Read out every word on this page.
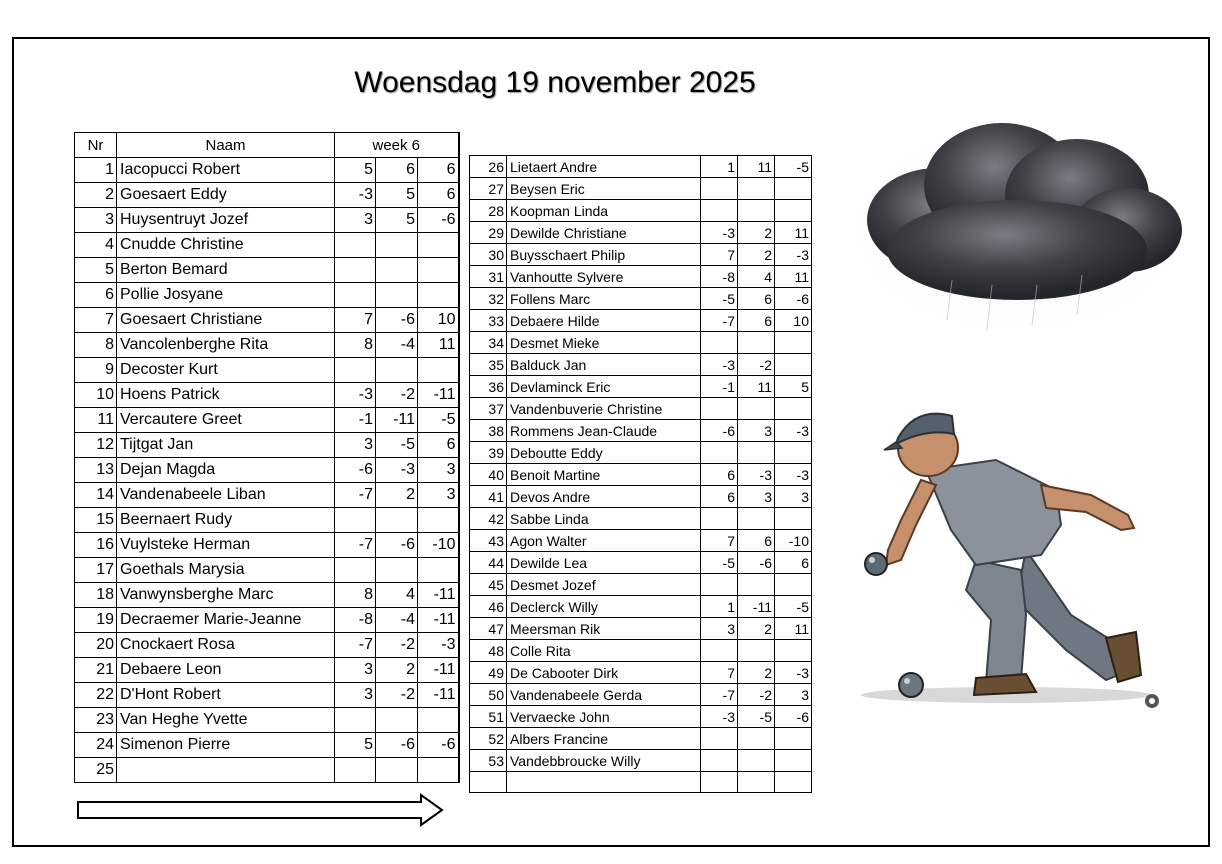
Woensdag 19 november 2025
Nr	Naam	week 6		
1	Iacopucci Robert	5	6	6
2	Goesaert Eddy	-3	5	6
3	Huysentruyt Jozef	3	5	-6
4	Cnudde Christine			
5	Berton Bemard			
6	Pollie Josyane			
7	Goesaert Christiane	7	-6	10
8	Vancolenberghe Rita	8	-4	11
9	Decoster Kurt			
10	Hoens Patrick	-3	-2	-11
11	Vercautere Greet	-1	-11	-5
12	Tijtgat Jan	3	-5	6
13	Dejan Magda	-6	-3	3
14	Vandenabeele Liban	-7	2	3
15	Beernaert Rudy			
16	Vuylsteke Herman	-7	-6	-10
17	Goethals Marysia			
18	Vanwynsberghe Marc	8	4	-11
19	Decraemer Marie-Jeanne	-8	-4	-11
20	Cnockaert Rosa	-7	-2	-3
21	Debaere Leon	3	2	-11
22	D'Hont Robert	3	-2	-11
23	Van Heghe Yvette			
24	Simenon Pierre	5	-6	-6
25				
26	Lietaert Andre	1	11	-5
27	Beysen Eric			
28	Koopman Linda			
29	Dewilde Christiane	-3	2	11
30	Buysschaert Philip	7	2	-3
31	Vanhoutte Sylvere	-8	4	11
32	Follens Marc	-5	6	-6
33	Debaere Hilde	-7	6	10
34	Desmet Mieke			
35	Balduck Jan	-3	-2	
36	Devlaminck Eric	-1	11	5
37	Vandenbuverie Christine			
38	Rommens Jean-Claude	-6	3	-3
39	Deboutte Eddy			
40	Benoit Martine	6	-3	-3
41	Devos Andre	6	3	3
42	Sabbe Linda			
43	Agon Walter	7	6	-10
44	Dewilde Lea	-5	-6	6
45	Desmet Jozef			
46	Declerck Willy	1	-11	-5
47	Meersman Rik	3	2	11
48	Colle Rita			
49	De Cabooter Dirk	7	2	-3
50	Vandenabeele Gerda	-7	-2	3
51	Vervaecke John	-3	-5	-6
52	Albers Francine			
53	Vandebbroucke Willy			
